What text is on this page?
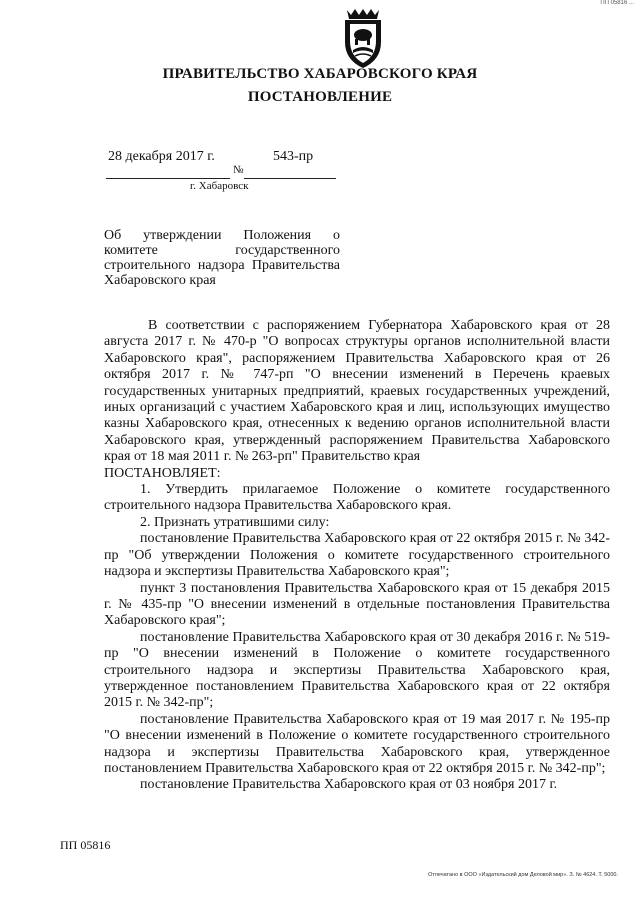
ПП 05816 ...
ПРАВИТЕЛЬСТВО ХАБАРОВСКОГО КРАЯ
ПОСТАНОВЛЕНИЕ
28 декабря 2017 г.
№
543-пр
г. Хабаровск
Об утверждении Положения о комитете государственного строительного надзора Правительства Хабаровского края

В соответствии с распоряжением Губернатора Хабаровского края от 28 августа 2017 г. № 470-р "О вопросах структуры органов исполнительной власти Хабаровского края", распоряжением Правительства Хабаровского края от 26 октября 2017 г. № 747-рп "О внесении изменений в Перечень краевых государственных унитарных предприятий, краевых государственных учреждений, иных организаций с участием Хабаровского края и лиц, использующих имущество казны Хабаровского края, отнесенных к ведению органов исполнительной власти Хабаровского края, утвержденный распоряжением Правительства Хабаровского края от 18 мая 2011 г. № 263-рп" Правительство края

ПОСТАНОВЛЯЕТ:

1. Утвердить прилагаемое Положение о комитете государственного строительного надзора Правительства Хабаровского края.

2. Признать утратившими силу:

постановление Правительства Хабаровского края от 22 октября 2015 г. № 342-пр "Об утверждении Положения о комитете государственного строительного надзора и экспертизы Правительства Хабаровского края";

пункт 3 постановления Правительства Хабаровского края от 15 декабря 2015 г. № 435-пр "О внесении изменений в отдельные постановления Правительства Хабаровского края";

постановление Правительства Хабаровского края от 30 декабря 2016 г. № 519-пр "О внесении изменений в Положение о комитете государственного строительного надзора и экспертизы Правительства Хабаровского края, утвержденное постановлением Правительства Хабаровского края от 22 октября 2015 г. № 342-пр";

постановление Правительства Хабаровского края от 19 мая 2017 г. № 195-пр "О внесении изменений в Положение о комитете государственного строительного надзора и экспертизы Правительства Хабаровского края, утвержденное постановлением Правительства Хабаровского края от 22 октября 2015 г. № 342-пр";

постановление Правительства Хабаровского края от 03 ноября 2017 г.

ПП 05816
Отпечатано в ООО «Издательский дом Деловой мир». З. № 4624. Т. 5000.
